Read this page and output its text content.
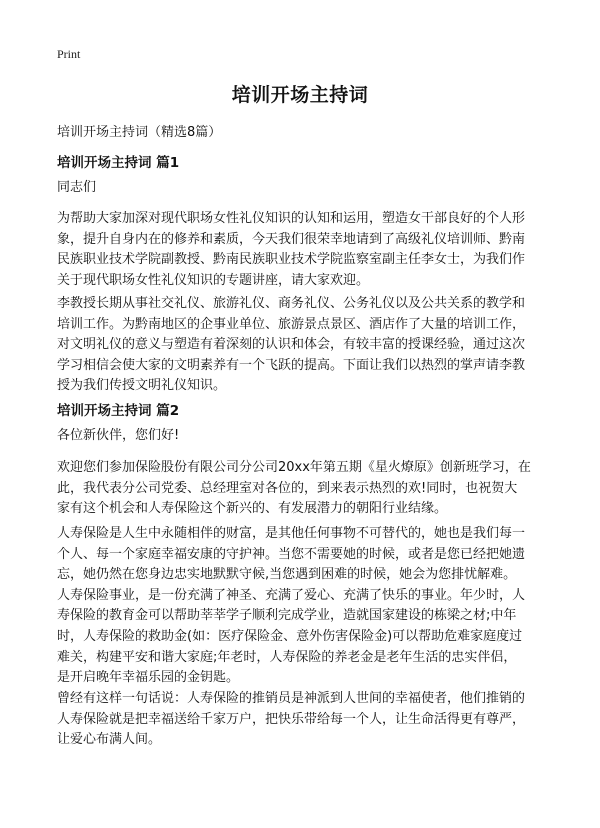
Print
培训开场主持词
培训开场主持词（精选8篇）
培训开场主持词 篇1

同志们

为帮助大家加深对现代职场女性礼仪知识的认知和运用，塑造女干部良好的个人形
象，提升自身内在的修养和素质，今天我们很荣幸地请到了高级礼仪培训师、黔南
民族职业技术学院副教授、黔南民族职业技术学院监察室副主任李女士，为我们作
关于现代职场女性礼仪知识的专题讲座，请大家欢迎。

李教授长期从事社交礼仪、旅游礼仪、商务礼仪、公务礼仪以及公共关系的教学和
培训工作。为黔南地区的企事业单位、旅游景点景区、酒店作了大量的培训工作，
对文明礼仪的意义与塑造有着深刻的认识和体会，有较丰富的授课经验，通过这次
学习相信会使大家的文明素养有一个飞跃的提高。下面让我们以热烈的掌声请李教
授为我们传授文明礼仪知识。

培训开场主持词 篇2

各位新伙伴，您们好!

欢迎您们参加保险股份有限公司分公司20xx年第五期《星火燎原》创新班学习，在
此，我代表分公司党委、总经理室对各位的，到来表示热烈的欢!同时，也祝贺大
家有这个机会和人寿保险这个新兴的、有发展潜力的朝阳行业结缘。

人寿保险是人生中永随相伴的财富，是其他任何事物不可替代的，她也是我们每一
个人、每一个家庭幸福安康的守护神。当您不需要她的时候，或者是您已经把她遗
忘，她仍然在您身边忠实地默默守候,当您遇到困难的时候，她会为您排忧解难。
人寿保险事业，是一份充满了神圣、充满了爱心、充满了快乐的事业。年少时，人
寿保险的教育金可以帮助莘莘学子顺利完成学业，造就国家建设的栋梁之材;中年
时，人寿保险的救助金(如：医疗保险金、意外伤害保险金)可以帮助危难家庭度过
难关，构建平安和谐大家庭;年老时，人寿保险的养老金是老年生活的忠实伴侣，
是开启晚年幸福乐园的金钥匙。

曾经有这样一句话说：人寿保险的推销员是神派到人世间的幸福使者，他们推销的
人寿保险就是把幸福送给千家万户，把快乐带给每一个人，让生命活得更有尊严，
让爱心布满人间。
